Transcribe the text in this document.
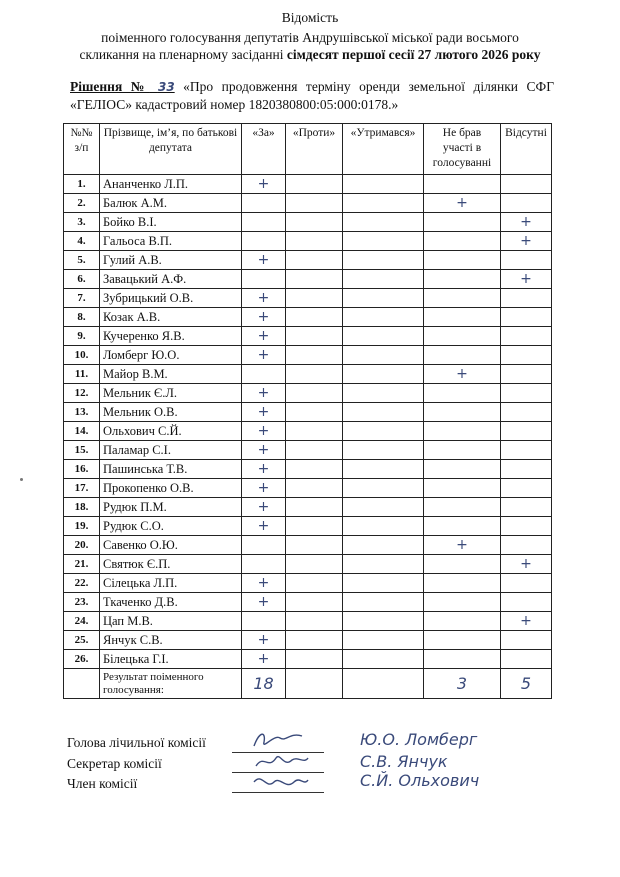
Відомість
поіменного голосування депутатів Андрушівської міської ради восьмого
скликання на пленарному засіданні сімдесят першої сесії 27 лютого 2026 року
Рішення № 33 «Про продовження терміну оренди земельної ділянки СФГ «ГЕЛІОС» кадастровий номер 1820380800:05:000:0178.»
№№ з/п	Прізвище, ім’я, по батькові депутата	«За»	«Проти»	«Утримався»	Не брав участі в голосуванні	Відсутні
1.	Ананченко Л.П.	+				
2.	Балюк А.М.				+	
3.	Бойко В.І.					+
4.	Гальоса В.П.					+
5.	Гулий А.В.	+				
6.	Завацький А.Ф.					+
7.	Зубрицький О.В.	+				
8.	Козак А.В.	+				
9.	Кучеренко Я.В.	+				
10.	Ломберг Ю.О.	+				
11.	Майор В.М.				+	
12.	Мельник Є.Л.	+				
13.	Мельник О.В.	+				
14.	Ольхович С.Й.	+				
15.	Паламар С.І.	+				
16.	Пашинська Т.В.	+				
17.	Прокопенко О.В.	+				
18.	Рудюк П.М.	+				
19.	Рудюк С.О.	+				
20.	Савенко О.Ю.				+	
21.	Святюк Є.П.					+
22.	Сілецька Л.П.	+				
23.	Ткаченко Д.В.	+				
24.	Цап М.В.					+
25.	Янчук С.В.	+				
26.	Білецька Г.І.	+				
	Результат поіменного голосування:	18			3	5
Голова лічильної комісії	Ю.О. Ломберг
Секретар комісії	С.В. Янчук
Член комісії	С.Й. Ольхович
